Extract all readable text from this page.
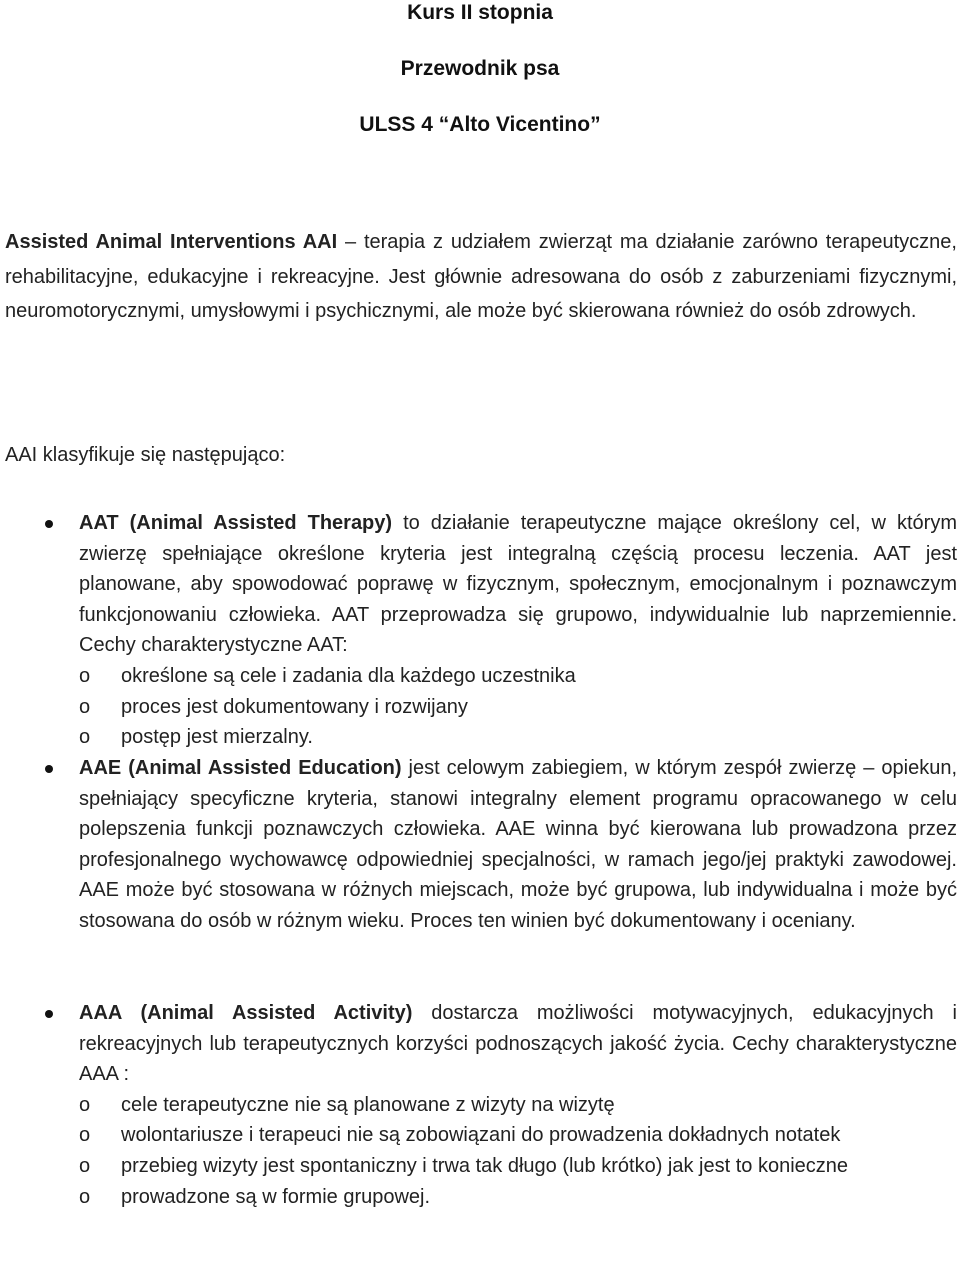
Kurs II stopnia
Przewodnik psa
ULSS 4 “Alto Vicentino”
Assisted Animal Interventions AAI – terapia z udziałem zwierząt ma działanie zarówno terapeutyczne, rehabilitacyjne, edukacyjne i rekreacyjne. Jest głównie adresowana do osób z zaburzeniami fizycznymi, neuromotorycznymi, umysłowymi i psychicznymi, ale może być skierowana również do osób zdrowych.
AAI klasyfikuje się następująco:
AAT (Animal Assisted Therapy) to działanie terapeutyczne mające określony cel, w którym zwierzę spełniające określone kryteria jest integralną częścią procesu leczenia. AAT jest planowane, aby spowodować poprawę w fizycznym, społecznym, emocjonalnym i poznawczym funkcjonowaniu człowieka. AAT przeprowadza się grupowo, indywidualnie lub naprzemiennie. Cechy charakterystyczne AAT:
o określone są cele i zadania dla każdego uczestnika
o proces jest dokumentowany i rozwijany
o postęp jest mierzalny.
AAE (Animal Assisted Education) jest celowym zabiegiem, w którym zespół zwierzę – opiekun, spełniający specyficzne kryteria, stanowi integralny element programu opracowanego w celu polepszenia funkcji poznawczych człowieka. AAE winna być kierowana lub prowadzona przez profesjonalnego wychowawcę odpowiedniej specjalności, w ramach jego/jej praktyki zawodowej. AAE może być stosowana w różnych miejscach, może być grupowa, lub indywidualna i może być stosowana do osób w różnym wieku. Proces ten winien być dokumentowany i oceniany.
AAA (Animal Assisted Activity) dostarcza możliwości motywacyjnych, edukacyjnych i rekreacyjnych lub terapeutycznych korzyści podnoszących jakość życia. Cechy charakterystyczne AAA :
o cele terapeutyczne nie są planowane z wizyty na wizytę
o wolontariusze i terapeuci nie są zobowiązani do prowadzenia dokładnych notatek
o przebieg wizyty jest spontaniczny i trwa tak długo (lub krótko) jak jest to konieczne
o prowadzone są w formie grupowej.
